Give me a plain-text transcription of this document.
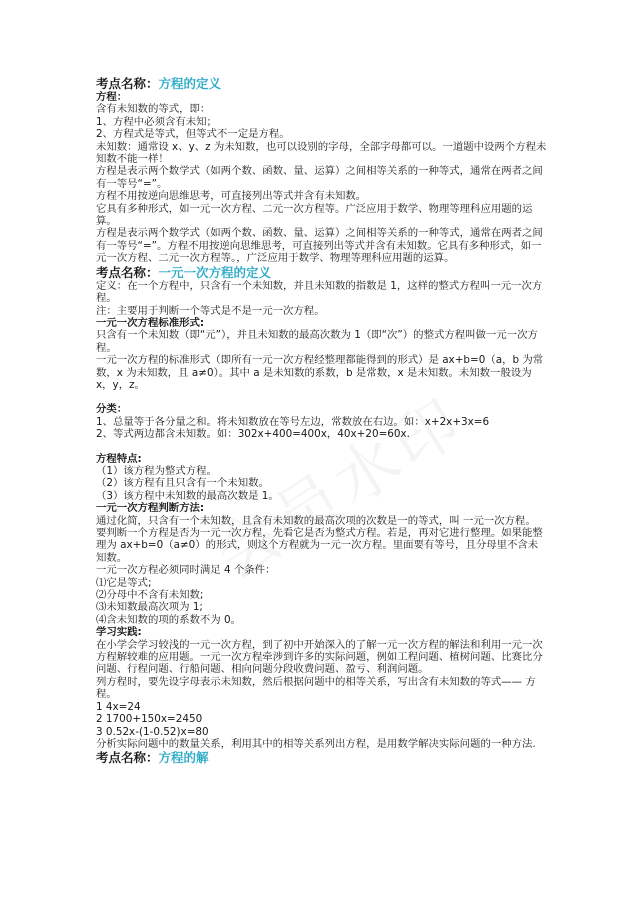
考点名称：方程的定义

方程：

含有未知数的等式，即：

1、方程中必须含有未知；

2、方程式是等式，但等式不一定是方程。

未知数：通常设 x、y、z 为未知数，也可以设别的字母，全部字母都可以。一道题中设两个方程未知数不能一样！

方程是表示两个数学式（如两个数、函数、量、运算）之间相等关系的一种等式，通常在两者之间有一等号“=”。

方程不用按逆向思维思考，可直接列出等式并含有未知数。

它具有多种形式，如一元一次方程、二元一次方程等。广泛应用于数学、物理等理科应用题的运算。

方程是表示两个数学式（如两个数、函数、量、运算）之间相等关系的一种等式，通常在两者之间有一等号“=”。方程不用按逆向思维思考，可直接列出等式并含有未知数。它具有多种形式，如一元一次方程、二元一次方程等。，广泛应用于数学、物理等理科应用题的运算。

考点名称：一元一次方程的定义

定义：在一个方程中，只含有一个未知数，并且未知数的指数是 1，这样的整式方程叫一元一次方程。

注：主要用于判断一个等式是不是一元一次方程。

一元一次方程标准形式:

只含有一个未知数（即“元”），并且未知数的最高次数为 1（即“次”）的整式方程叫做一元一次方程。

一元一次方程的标准形式（即所有一元一次方程经整理都能得到的形式）是 ax+b=0（a，b 为常数，x 为未知数，且 a≠0）。其中 a 是未知数的系数，b 是常数，x 是未知数。未知数一般设为 x，y，z。

分类：

1、总量等于各分量之和。将未知数放在等号左边，常数放在右边。如：x+2x+3x=6

2、等式两边都含未知数。如：302x+400=400x，40x+20=60x.

方程特点:

（1）该方程为整式方程。

（2）该方程有且只含有一个未知数。

（3）该方程中未知数的最高次数是 1。

一元一次方程判断方法:

通过化简，只含有一个未知数，且含有未知数的最高次项的次数是一的等式，叫 一元一次方程。

要判断一个方程是否为一元一次方程，先看它是否为整式方程。若是，再对它进行整理。如果能整理为 ax+b=0（a≠0）的形式，则这个方程就为一元一次方程。里面要有等号，且分母里不含未知数。

一元一次方程必须同时满足 4 个条件：

⑴它是等式;

⑵分母中不含有未知数;

⑶未知数最高次项为 1;

⑷含未知数的项的系数不为 0。

学习实践:

在小学会学习较浅的一元一次方程，到了初中开始深入的了解一元一次方程的解法和利用一元一次方程解较难的应用题。一元一次方程牵涉到许多的实际问题，例如工程问题、植树问题、比赛比分问题、行程问题、行船问题、相向问题分段收费问题、盈亏、利润问题。

列方程时，要先设字母表示未知数，然后根据问题中的相等关系，写出含有未知数的等式—— 方程。

1 4x=24

2 1700+150x=2450

3 0.52x-(1-0.52)x=80

分析实际问题中的数量关系，利用其中的相等关系列出方程，是用数学解决实际问题的一种方法.

考点名称：方程的解
